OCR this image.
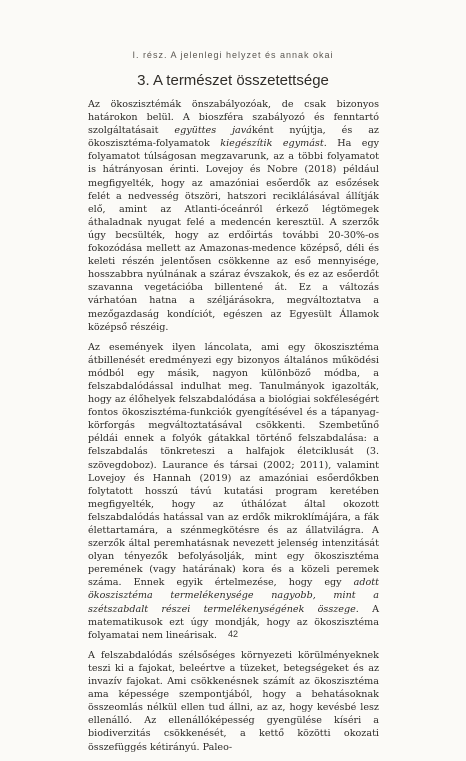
I. rész. A jelenlegi helyzet és annak okai
3. A természet összetettsége

Az ökoszisztémák önszabályozóak, de csak bizonyos határokon belül. A bioszféra szabályozó és fenntartó szolgáltatásait együttes javáként nyújtja, és az ökoszisztéma-folyamatok kiegészítik egymást. Ha egy folyamatot túlságosan megzavarunk, az a többi folyamatot is hátrányosan érinti. Lovejoy és Nobre (2018) például megfigyelték, hogy az amazóniai esőerdők az esőzések felét a nedvesség ötszöri, hatszori reciklálásával állítják elő, amint az Atlanti-óceánról érkező légtömegek áthaladnak nyugat felé a medencén keresztül. A szerzők úgy becsülték, hogy az erdőirtás további 20-30%-os fokozódása mellett az Amazonas-medence középső, déli és keleti részén jelentősen csökkenne az eső mennyisége, hosszabbra nyúlnának a száraz évszakok, és ez az esőerdőt szavanna vegetációba billentené át. Ez a változás várhatóan hatna a széljárásokra, megváltoztatva a mezőgazdaság kondíciót, egészen az Egyesült Államok középső részéig.

Az események ilyen láncolata, ami egy ökoszisztéma átbillenését eredményezi egy bizonyos általános működési módból egy másik, nagyon különböző módba, a felszabdalódással indulhat meg. Tanulmányok igazolták, hogy az élőhelyek felszabdalódása a biológiai sokféleségért fontos ökoszisztéma-funkciók gyengítésével és a tápanyag-körforgás megváltoztatásával csökkenti. Szembetűnő példái ennek a folyók gátakkal történő felszabdalása: a felszabdalás tönkreteszi a halfajok életciklusát (3. szövegdoboz). Laurance és társai (2002; 2011), valamint Lovejoy és Hannah (2019) az amazóniai esőerdőkben folytatott hosszú távú kutatási program keretében megfigyelték, hogy az úthálózat által okozott felszabdalódás hatással van az erdők mikroklímájára, a fák élettartamára, a szénmegkötésre és az állatvilágra. A szerzők által peremhatásnak nevezett jelenség intenzitását olyan tényezők befolyásolják, mint egy ökoszisztéma peremének (vagy határának) kora és a közeli peremek száma. Ennek egyik értelmezése, hogy egy adott ökoszisztéma termelékenysége nagyobb, mint a szétszabdalt részei termelékenységének összege. A matematikusok ezt úgy mondják, hogy az ökoszisztéma folyamatai nem lineárisak.

A felszabdalódás szélsőséges környezeti körülményeknek teszi ki a fajokat, beleértve a tüzeket, betegségeket és az invazív fajokat. Ami csökkenésnek számít az ökoszisztéma ama képessége szempontjából, hogy a behatásoknak összeomlás nélkül ellen tud állni, az az, hogy kevésbé lesz ellenálló. Az ellenállóképesség gyengülése kíséri a biodiverzitás csökkenését, a kettő közötti okozati összefüggés kétirányú. Paleo-

42
